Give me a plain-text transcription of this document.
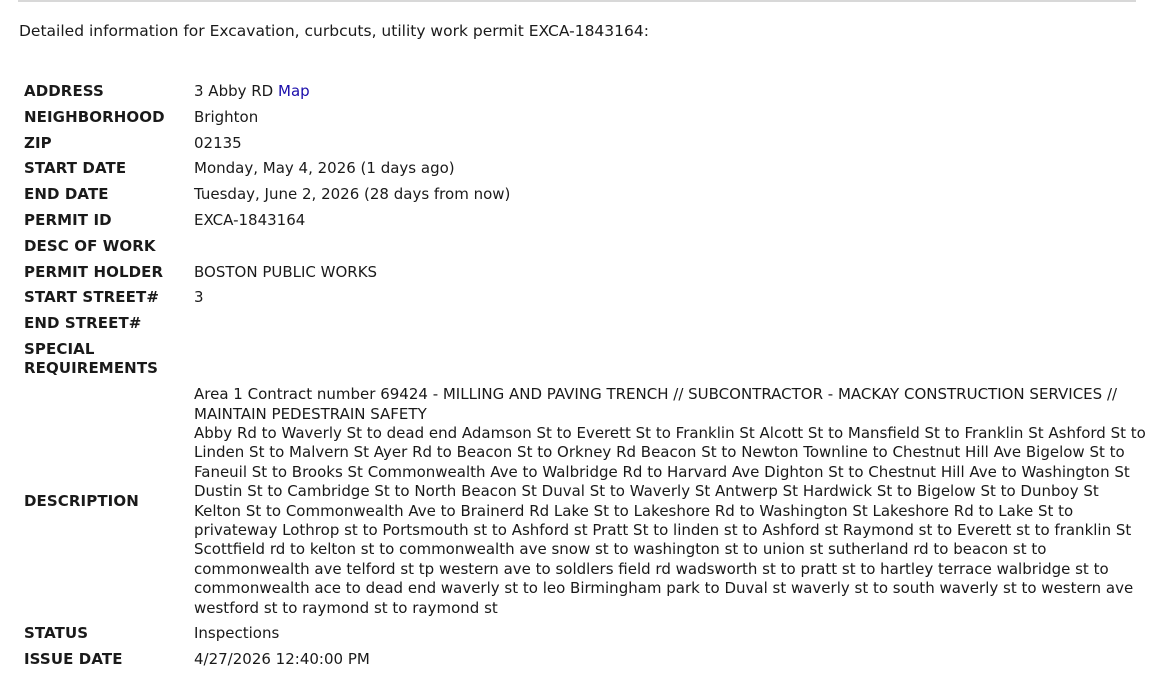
Detailed information for Excavation, curbcuts, utility work permit EXCA-1843164:
ADDRESS	3 Abby RD Map
NEIGHBORHOOD	Brighton
ZIP	02135
START DATE	Monday, May 4, 2026 (1 days ago)
END DATE	Tuesday, June 2, 2026 (28 days from now)
PERMIT ID	EXCA-1843164
DESC OF WORK	
PERMIT HOLDER	BOSTON PUBLIC WORKS
START STREET#	3
END STREET#	
SPECIAL REQUIREMENTS	
DESCRIPTION	Area 1 Contract number 69424 - MILLING AND PAVING TRENCH // SUBCONTRACTOR - MACKAY CONSTRUCTION SERVICES // MAINTAIN PEDESTRAIN SAFETY
Abby Rd to Waverly St to dead end Adamson St to Everett St to Franklin St Alcott St to Mansfield St to Franklin St Ashford St to Linden St to Malvern St Ayer Rd to Beacon St to Orkney Rd Beacon St to Newton Townline to Chestnut Hill Ave Bigelow St to Faneuil St to Brooks St Commonwealth Ave to Walbridge Rd to Harvard Ave Dighton St to Chestnut Hill Ave to Washington St Dustin St to Cambridge St to North Beacon St Duval St to Waverly St Antwerp St Hardwick St to Bigelow St to Dunboy St Kelton St to Commonwealth Ave to Brainerd Rd Lake St to Lakeshore Rd to Washington St Lakeshore Rd to Lake St to privateway Lothrop st to Portsmouth st to Ashford st Pratt St to linden st to Ashford st Raymond st to Everett st to franklin St Scottfield rd to kelton st to commonwealth ave snow st to washington st to union st sutherland rd to beacon st to commonwealth ave telford st tp western ave to soldlers field rd wadsworth st to pratt st to hartley terrace walbridge st to commonwealth ace to dead end waverly st to leo Birmingham park to Duval st waverly st to south waverly st to western ave westford st to raymond st to raymond st

STATUS	Inspections
ISSUE DATE	4/27/2026 12:40:00 PM
